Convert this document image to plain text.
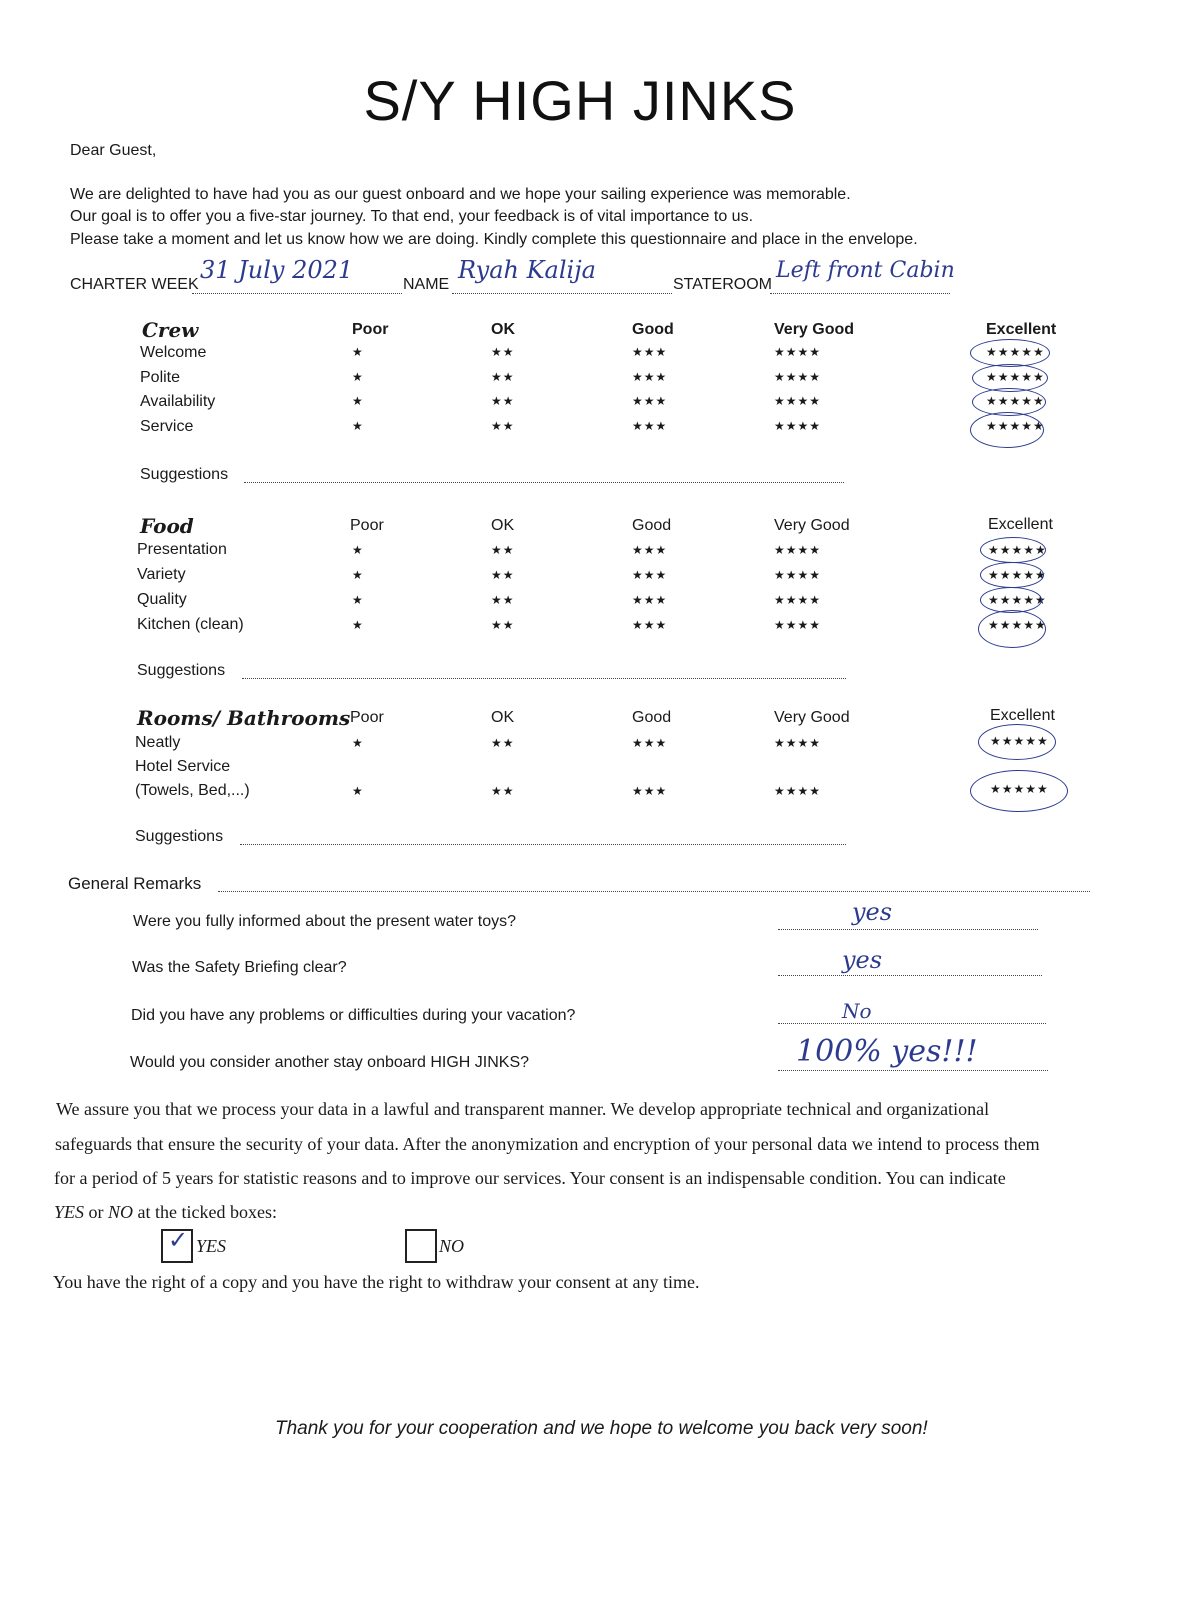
S/Y HIGH JINKS
Dear Guest,
We are delighted to have had you as our guest onboard and we hope your sailing experience was memorable.
Our goal is to offer you a five-star journey. To that end, your feedback is of vital importance to us.
Please take a moment and let us know how we are doing. Kindly complete this questionnaire and place in the envelope.
CHARTER WEEK
31 July 2021
NAME
Ryah Kalija
STATEROOM
Left front Cabin
Crew	Poor	OK	Good	Very Good	Excellent
Welcome	★	★★	★★★	★★★★	★★★★★
Polite	★	★★	★★★	★★★★	★★★★★
Availability	★	★★	★★★	★★★★	★★★★★
Service	★	★★	★★★	★★★★	★★★★★
Suggestions
Food	Poor	OK	Good	Very Good	Excellent
Presentation	★	★★	★★★	★★★★	★★★★★
Variety	★	★★	★★★	★★★★	★★★★★
Quality	★	★★	★★★	★★★★	★★★★★
Kitchen (clean)	★	★★	★★★	★★★★	★★★★★
Suggestions
Rooms/ Bathrooms Poor	OK	Good	Very Good	Excellent
Neatly	★	★★	★★★	★★★★	★★★★★
Hotel Service
(Towels, Bed,...)	★	★★	★★★	★★★★	★★★★★
Suggestions
General Remarks
Were you fully informed about the present water toys?	yes
Was the Safety Briefing clear?	yes
Did you have any problems or difficulties during your vacation?	No
Would you consider another stay onboard HIGH JINKS?	100% yes!!!
We assure you that we process your data in a lawful and transparent manner. We develop appropriate technical and organizational
safeguards that ensure the security of your data. After the anonymization and encryption of your personal data we intend to process them
for a period of 5 years for statistic reasons and to improve our services. Your consent is an indispensable condition. You can indicate
YES or NO at the ticked boxes:
✓ YES	NO
You have the right of a copy and you have the right to withdraw your consent at any time.
Thank you for your cooperation and we hope to welcome you back very soon!
